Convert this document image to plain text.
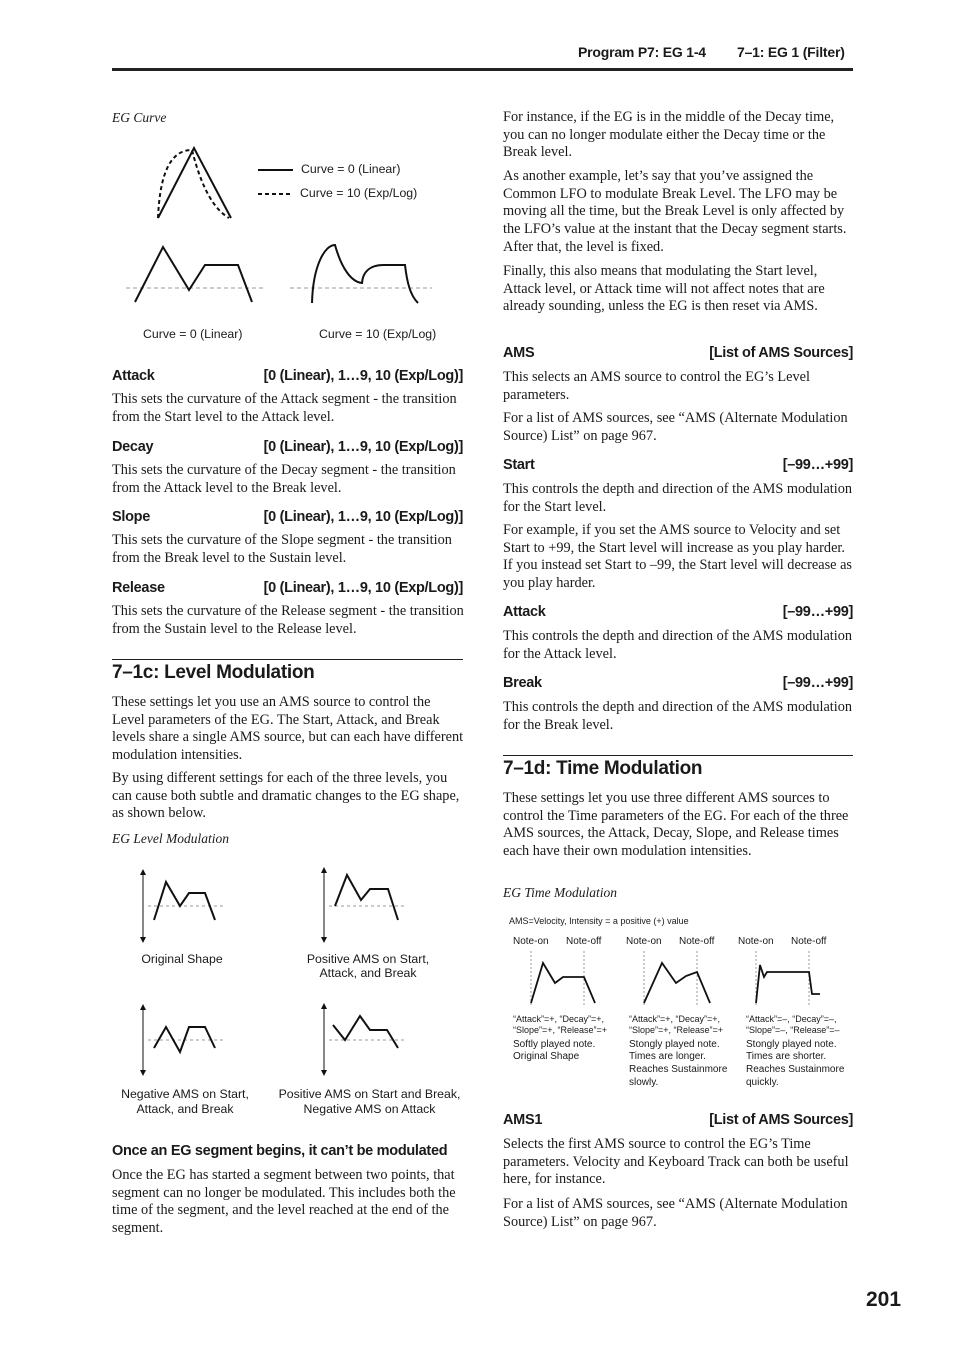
Program P7: EG 1-4 7–1: EG 1 (Filter)
EG Curve
Curve = 0 (Linear)
Curve = 10 (Exp/Log)
Curve = 0 (Linear)	Curve = 10 (Exp/Log)
Attack	[0 (Linear), 1…9, 10 (Exp/Log)]

This sets the curvature of the Attack segment - the transition from the Start level to the Attack level.

Decay	[0 (Linear), 1…9, 10 (Exp/Log)]

This sets the curvature of the Decay segment - the transition from the Attack level to the Break level.

Slope	[0 (Linear), 1…9, 10 (Exp/Log)]

This sets the curvature of the Slope segment - the transition from the Break level to the Sustain level.

Release	[0 (Linear), 1…9, 10 (Exp/Log)]

This sets the curvature of the Release segment - the transition from the Sustain level to the Release level.

7–1c: Level Modulation

These settings let you use an AMS source to control the Level parameters of the EG. The Start, Attack, and Break levels share a single AMS source, but can each have different modulation intensities.

By using different settings for each of the three levels, you can cause both subtle and dramatic changes to the EG shape, as shown below.

EG Level Modulation
Original Shape	Positive AMS on Start,
Attack, and Break
Negative AMS on Start,
Attack, and Break
Positive AMS on Start and Break,
Negative AMS on Attack
Once an EG segment begins, it can’t be modulated

Once the EG has started a segment between two points, that segment can no longer be modulated. This includes both the time of the segment, and the level reached at the end of the segment.

For instance, if the EG is in the middle of the Decay time, you can no longer modulate either the Decay time or the Break level.

As another example, let’s say that you’ve assigned the Common LFO to modulate Break Level. The LFO may be moving all the time, but the Break Level is only affected by the LFO’s value at the instant that the Decay segment starts. After that, the level is fixed.

Finally, this also means that modulating the Start level, Attack level, or Attack time will not affect notes that are already sounding, unless the EG is then reset via AMS.

AMS	[List of AMS Sources]

This selects an AMS source to control the EG’s Level parameters.

For a list of AMS sources, see “AMS (Alternate Modulation Source) List” on page 967.

Start	[–99…+99]

This controls the depth and direction of the AMS modulation for the Start level.

For example, if you set the AMS source to Velocity and set Start to +99, the Start level will increase as you play harder. If you instead set Start to –99, the Start level will decrease as you play harder.

Attack	[–99…+99]

This controls the depth and direction of the AMS modulation for the Attack level.

Break	[–99…+99]

This controls the depth and direction of the AMS modulation for the Break level.

7–1d: Time Modulation

These settings let you use three different AMS sources to control the Time parameters of the EG. For each of the three AMS sources, the Attack, Decay, Slope, and Release times each have their own modulation intensities.

EG Time Modulation
AMS=Velocity, Intensity = a positive (+) value
Note-on Note-off Note-on Note-off Note-on Note-off
“Attack”=+, “Decay”=+,
“Slope”=+, “Release”=+
Softly played note.
Original Shape
“Attack”=+, “Decay”=+,
“Slope”=+, “Release”=+
Stongly played note.
Times are longer.
Reaches Sustainmore
slowly.
“Attack”=–, “Decay”=–,
“Slope”=–, “Release”=–
Stongly played note.
Times are shorter.
Reaches Sustainmore
quickly.
AMS1	[List of AMS Sources]

Selects the first AMS source to control the EG’s Time parameters. Velocity and Keyboard Track can both be useful here, for instance.

For a list of AMS sources, see “AMS (Alternate Modulation Source) List” on page 967.

201
